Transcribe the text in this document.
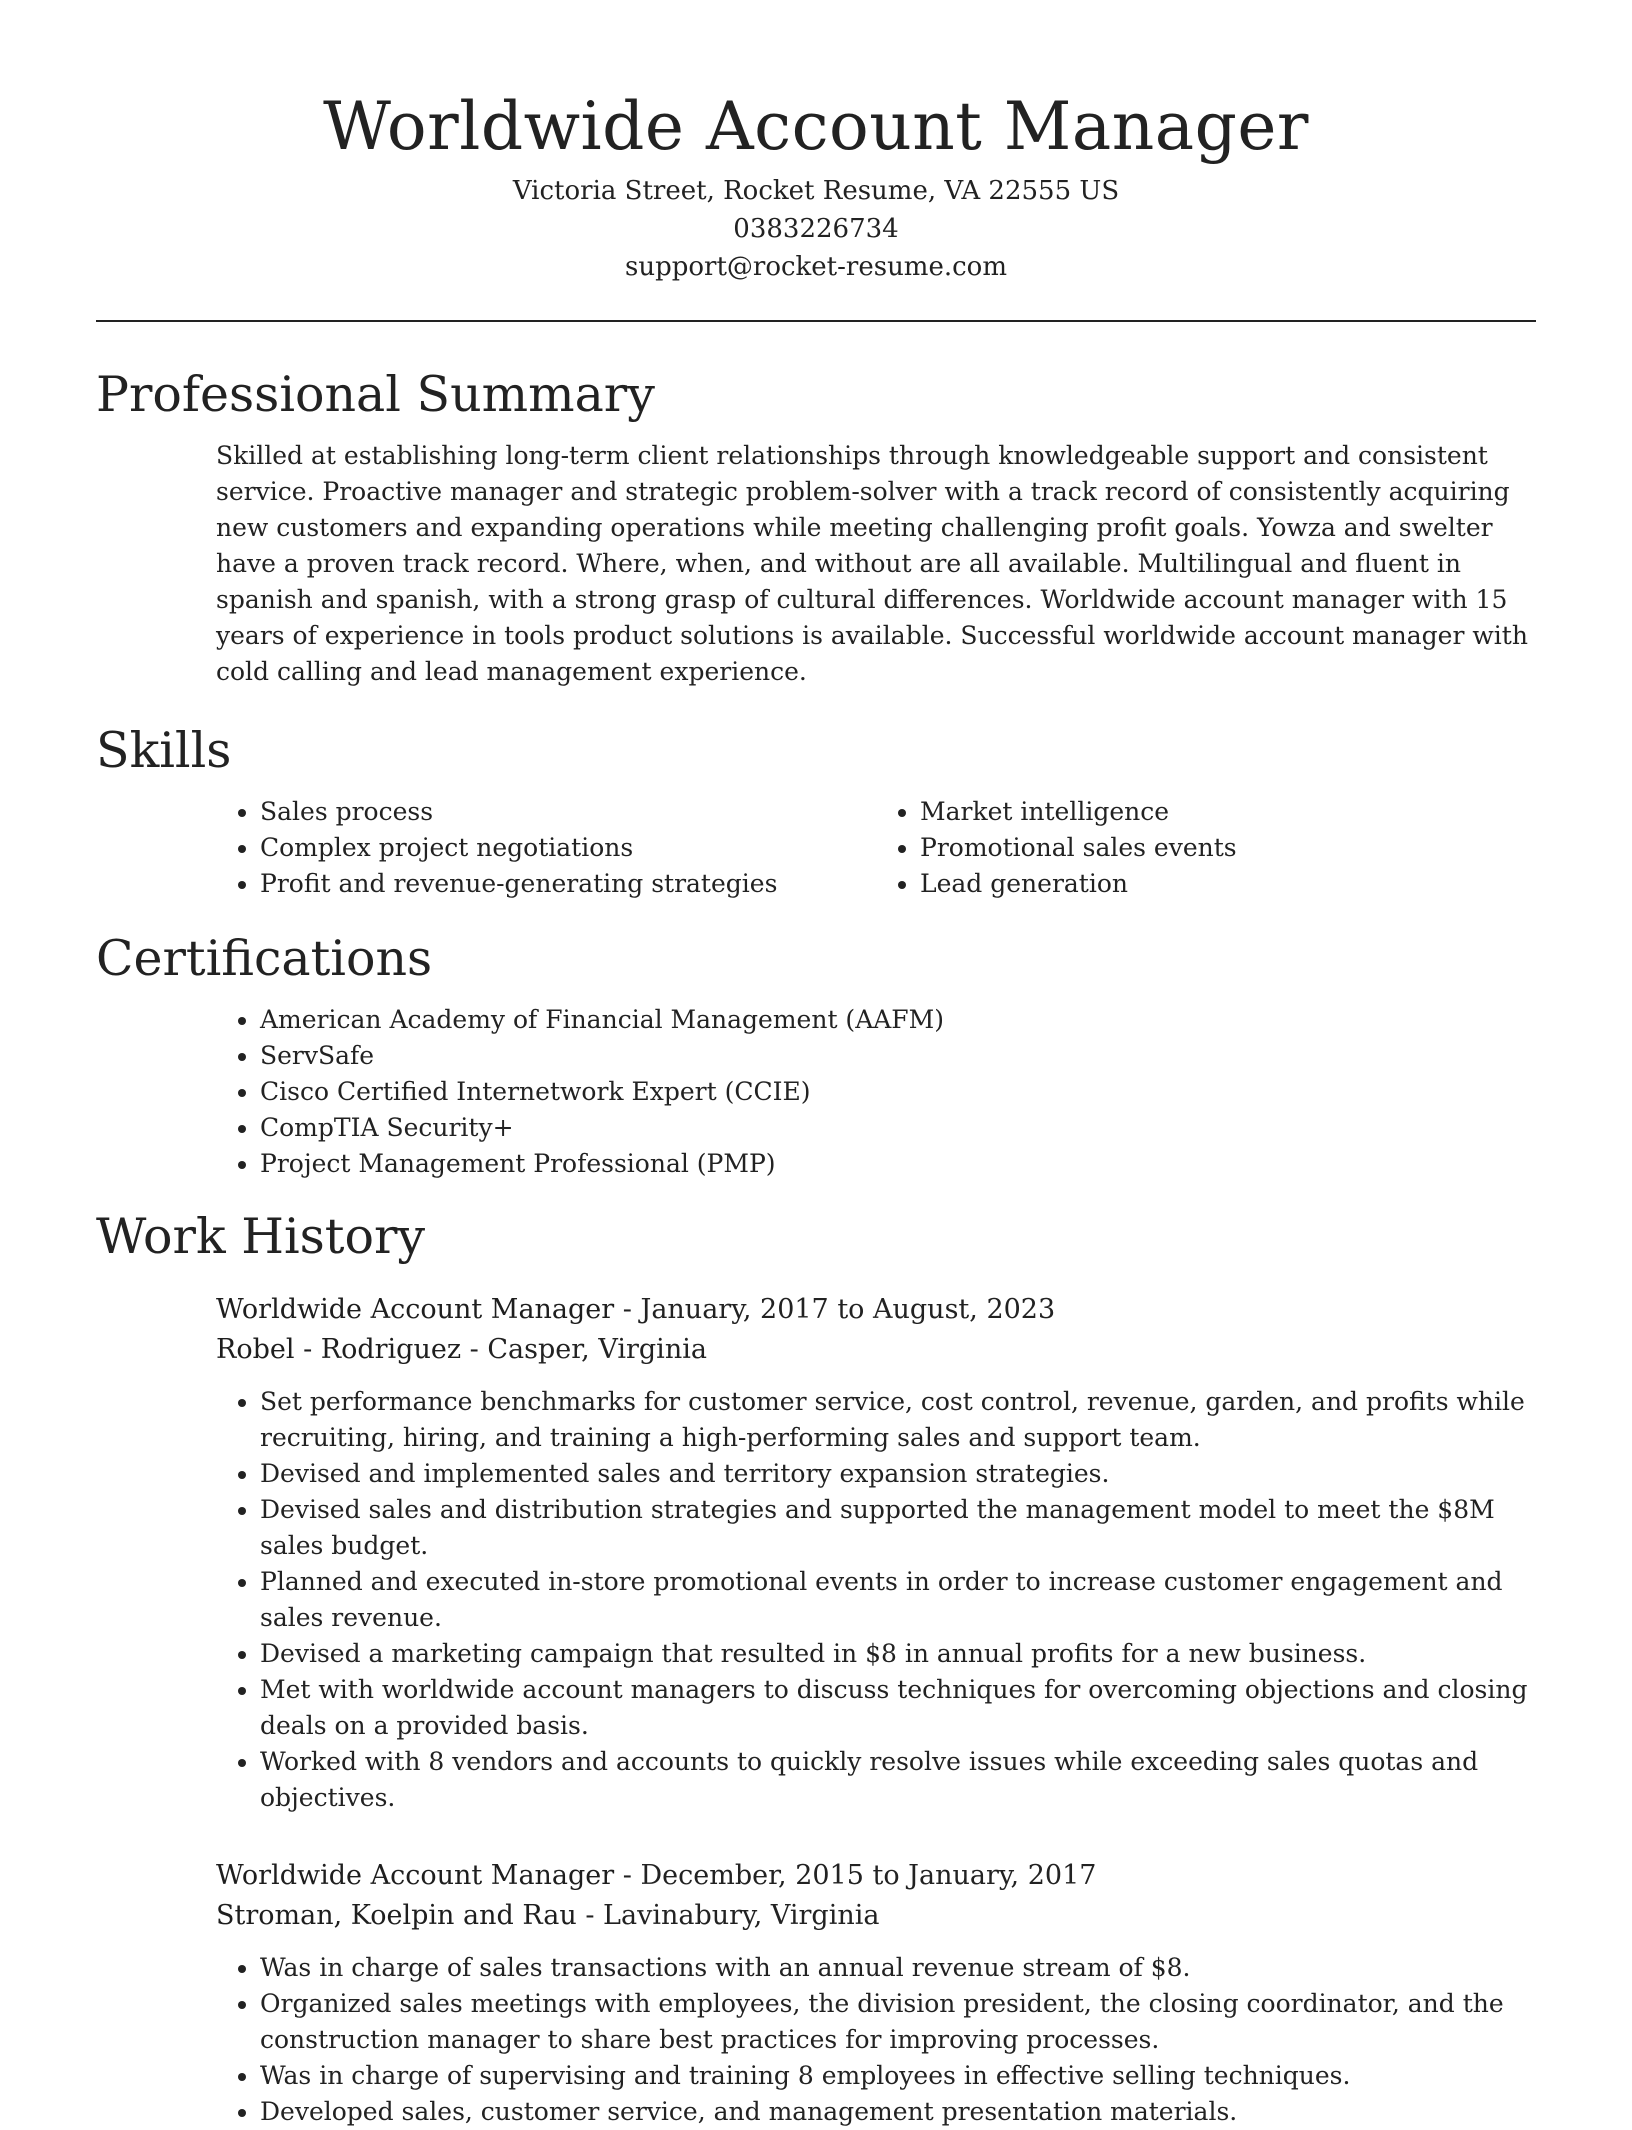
Worldwide Account Manager
Victoria Street, Rocket Resume, VA 22555 US
0383226734
support@rocket-resume.com
Professional Summary

Skilled at establishing long-term client relationships through knowledgeable support and consistent service. Proactive manager and strategic problem-solver with a track record of consistently acquiring new customers and expanding operations while meeting challenging profit goals. Yowza and swelter have a proven track record. Where, when, and without are all available. Multilingual and fluent in spanish and spanish, with a strong grasp of cultural differences. Worldwide account manager with 15 years of experience in tools product solutions is available. Successful worldwide account manager with cold calling and lead management experience.

Skills
• Sales process
• Complex project negotiations
• Profit and revenue-generating strategies
• Market intelligence
• Promotional sales events
• Lead generation
Certifications
• American Academy of Financial Management (AAFM)
• ServSafe
• Cisco Certified Internetwork Expert (CCIE)
• CompTIA Security+
• Project Management Professional (PMP)
Work History
Worldwide Account Manager - January, 2017 to August, 2023
Robel - Rodriguez - Casper, Virginia
• Set performance benchmarks for customer service, cost control, revenue, garden, and profits while recruiting, hiring, and training a high-performing sales and support team.
• Devised and implemented sales and territory expansion strategies.
• Devised sales and distribution strategies and supported the management model to meet the $8M sales budget.
• Planned and executed in-store promotional events in order to increase customer engagement and sales revenue.
• Devised a marketing campaign that resulted in $8 in annual profits for a new business.
• Met with worldwide account managers to discuss techniques for overcoming objections and closing deals on a provided basis.
• Worked with 8 vendors and accounts to quickly resolve issues while exceeding sales quotas and objectives.
Worldwide Account Manager - December, 2015 to January, 2017
Stroman, Koelpin and Rau - Lavinabury, Virginia
• Was in charge of sales transactions with an annual revenue stream of $8.
• Organized sales meetings with employees, the division president, the closing coordinator, and the construction manager to share best practices for improving processes.
• Was in charge of supervising and training 8 employees in effective selling techniques.
• Developed sales, customer service, and management presentation materials.
